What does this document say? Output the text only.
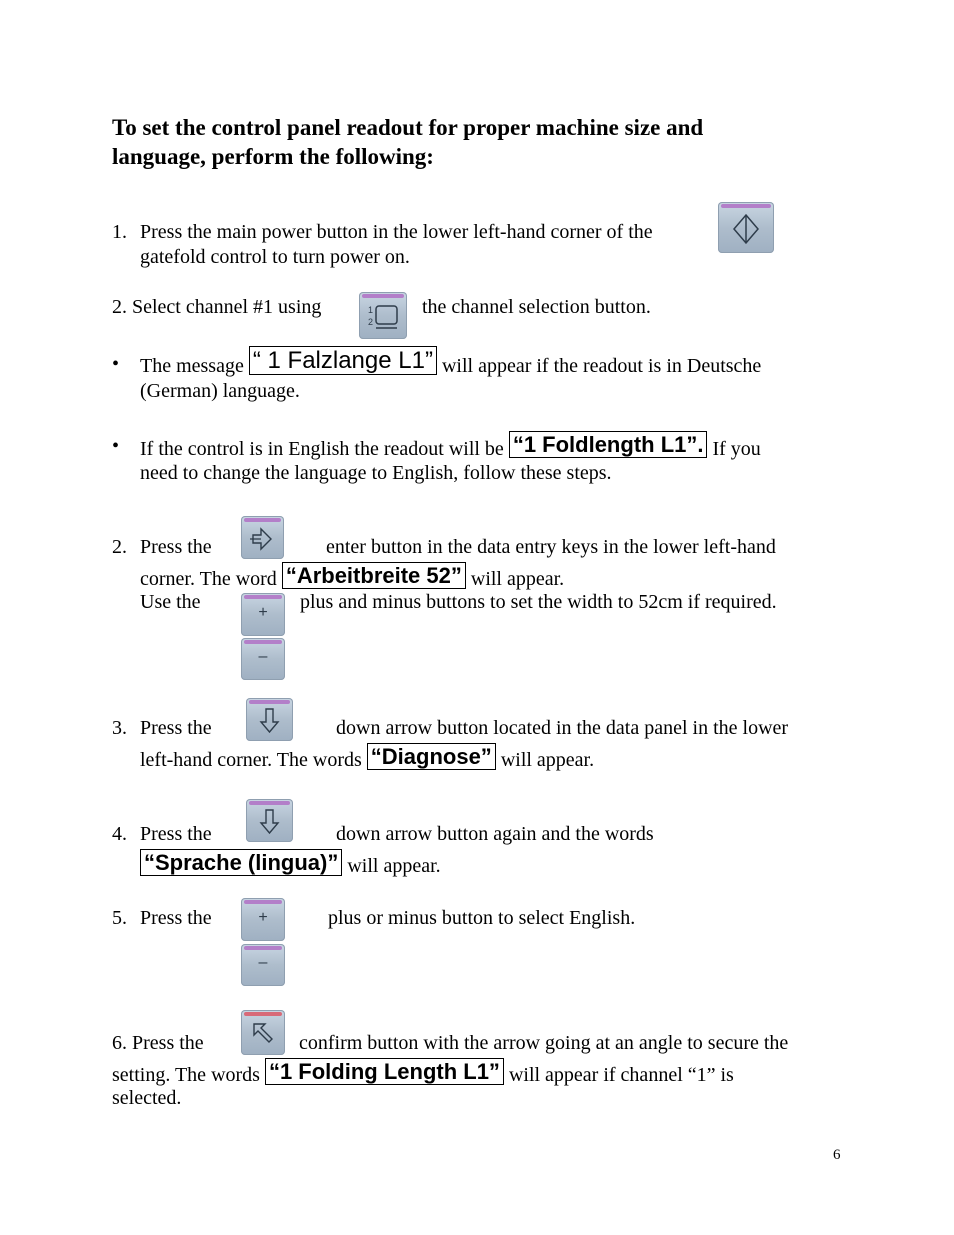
To set the control panel readout for proper machine size and
language, perform the following:
1. Press the main power button in the lower left-hand corner of the
gatefold control to turn power on.
2. Select channel #1 using	1
2
the channel selection button.
• The message “ 1 Falzlange L1” will appear if the readout is in Deutsche
(German) language.
• If the control is in English the readout will be “1 Foldlength L1”. If you
need to change the language to English, follow these steps.
2. Press the	enter button in the data entry keys in the lower left-hand
corner. The word “Arbeitbreite 52” will appear.
Use the	+
–
plus and minus buttons to set the width to 52cm if required.
3. Press the	down arrow button located in the data panel in the lower
left-hand corner. The words “Diagnose” will appear.
4. Press the	down arrow button again and the words
“Sprache (lingua)” will appear.
5. Press the	+
–
plus or minus button to select English.
6. Press the	confirm button with the arrow going at an angle to secure the
setting. The words “1 Folding Length L1” will appear if channel “1” is
selected.
6
